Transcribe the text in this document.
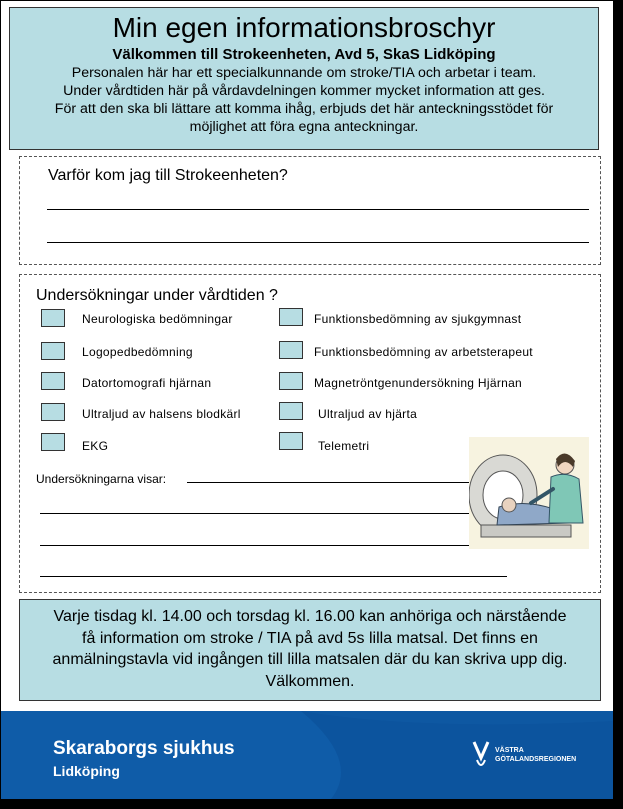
Min egen informationsbroschyr
Välkommen till Strokeenheten, Avd 5, SkaS Lidköping
Personalen här har ett specialkunnande om stroke/TIA och arbetar i team.
Under vårdtiden här på vårdavdelningen kommer mycket information att ges.
För att den ska bli lättare att komma ihåg, erbjuds det här anteckningsstödet för
möjlighet att föra egna anteckningar.
Varför kom jag till Strokeenheten?
Undersökningar under vårdtiden ?
Neurologiska bedömningar
Logopedbedömning
Datortomografi hjärnan
Ultraljud av halsens blodkärl
EKG
Funktionsbedömning av sjukgymnast
Funktionsbedömning av arbetsterapeut
Magnetröntgenundersökning Hjärnan
Ultraljud av hjärta
Telemetri
Undersökningarna visar:
Varje tisdag kl. 14.00 och torsdag kl. 16.00 kan anhöriga och närstående
få information om stroke / TIA på avd 5s lilla matsal. Det finns en
anmälningstavla vid ingången till lilla matsalen där du kan skriva upp dig.
Välkommen.
Skaraborgs sjukhus
Lidköping
VÄSTRA
GÖTALANDSREGIONEN
